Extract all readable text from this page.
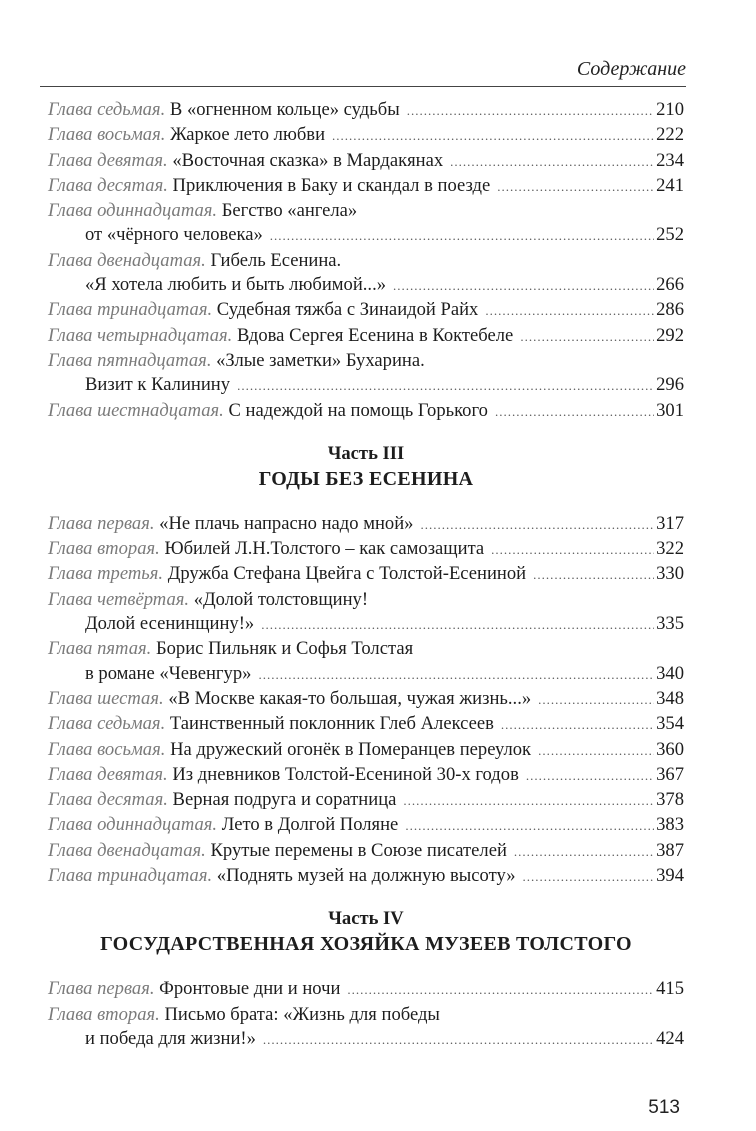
Содержание
Глава седьмая. В «огненном кольце» судьбы .....	210
Глава восьмая. Жаркое лето любви .....	222
Глава девятая. «Восточная сказка» в Мардакянах .....	234
Глава десятая. Приключения в Баку и скандал в поезде .....	241
Глава одиннадцатая. Бегство «ангела»
от «чёрного человека» .....	252
Глава двенадцатая. Гибель Есенина.
«Я хотела любить и быть любимой...» .....	266
Глава тринадцатая. Судебная тяжба с Зинаидой Райх .....	286
Глава четырнадцатая. Вдова Сергея Есенина в Коктебеле .....	292
Глава пятнадцатая. «Злые заметки» Бухарина.
Визит к Калинину .....	296
Глава шестнадцатая. С надеждой на помощь Горького .....	301
Часть III
ГОДЫ БЕЗ ЕСЕНИНА
Глава первая. «Не плачь напрасно надо мной» .....	317
Глава вторая. Юбилей Л.Н.Толстого – как самозащита .....	322
Глава третья. Дружба Стефана Цвейга с Толстой-Есениной .....	330
Глава четвёртая. «Долой толстовщину!
Долой есенинщину!» .....	335
Глава пятая. Борис Пильняк и Софья Толстая
в романе «Чевенгур» .....	340
Глава шестая. «В Москве какая-то большая, чужая жизнь...» .....	348
Глава седьмая. Таинственный поклонник Глеб Алексеев .....	354
Глава восьмая. На дружеский огонёк в Померанцев переулок .....	360
Глава девятая. Из дневников Толстой-Есениной 30-х годов .....	367
Глава десятая. Верная подруга и соратница .....	378
Глава одиннадцатая. Лето в Долгой Поляне .....	383
Глава двенадцатая. Крутые перемены в Союзе писателей .....	387
Глава тринадцатая. «Поднять музей на должную высоту» .....	394
Часть IV
ГОСУДАРСТВЕННАЯ ХОЗЯЙКА МУЗЕЕВ ТОЛСТОГО
Глава первая. Фронтовые дни и ночи .....	415
Глава вторая. Письмо брата: «Жизнь для победы
и победа для жизни!» .....	424
513
